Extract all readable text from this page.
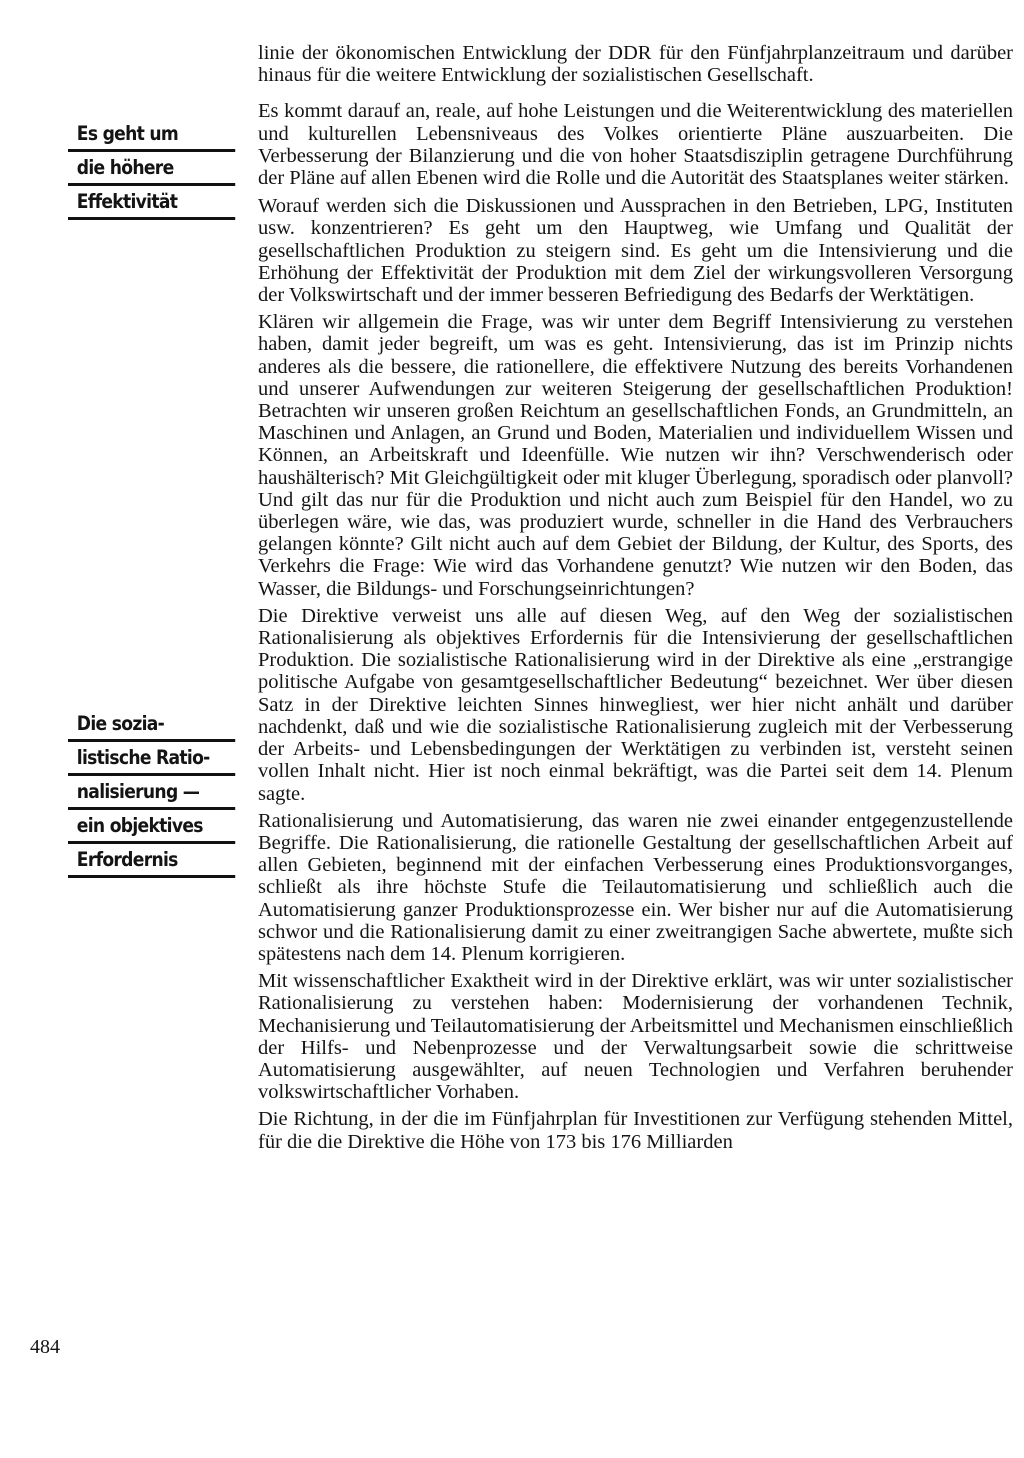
Es geht um
die höhere
Effektivität
Die sozia-
listische Ratio-
nalisierung —
ein objektives
Erfordernis

linie der ökonomischen Entwicklung der DDR für den Fünfjahrplanzeitraum und darüber hinaus für die weitere Entwicklung der sozialistischen Gesellschaft.

Es kommt darauf an, reale, auf hohe Leistungen und die Weiterentwicklung des materiellen und kulturellen Lebensniveaus des Volkes orientierte Pläne auszuarbeiten. Die Verbesserung der Bilanzierung und die von hoher Staatsdisziplin getragene Durchführung der Pläne auf allen Ebenen wird die Rolle und die Autorität des Staatsplanes weiter stärken.

Worauf werden sich die Diskussionen und Aussprachen in den Betrieben, LPG, Instituten usw. konzentrieren? Es geht um den Hauptweg, wie Umfang und Qualität der gesellschaftlichen Produktion zu steigern sind. Es geht um die Intensivierung und die Erhöhung der Effektivität der Produktion mit dem Ziel der wirkungsvolleren Versorgung der Volkswirtschaft und der immer besseren Befriedigung des Bedarfs der Werktätigen.

Klären wir allgemein die Frage, was wir unter dem Begriff Intensivierung zu verstehen haben, damit jeder begreift, um was es geht. Intensivierung, das ist im Prinzip nichts anderes als die bessere, die rationellere, die effektivere Nutzung des bereits Vorhandenen und unserer Aufwendungen zur weiteren Steigerung der gesellschaftlichen Produktion! Betrachten wir unseren großen Reichtum an gesellschaftlichen Fonds, an Grundmitteln, an Maschinen und Anlagen, an Grund und Boden, Materialien und individuellem Wissen und Können, an Arbeitskraft und Ideenfülle. Wie nutzen wir ihn? Verschwenderisch oder haushälterisch? Mit Gleichgültigkeit oder mit kluger Überlegung, sporadisch oder planvoll? Und gilt das nur für die Produktion und nicht auch zum Beispiel für den Handel, wo zu überlegen wäre, wie das, was produziert wurde, schneller in die Hand des Verbrauchers gelangen könnte? Gilt nicht auch auf dem Gebiet der Bildung, der Kultur, des Sports, des Verkehrs die Frage: Wie wird das Vorhandene genutzt? Wie nutzen wir den Boden, das Wasser, die Bildungs- und Forschungseinrichtungen?

Die Direktive verweist uns alle auf diesen Weg, auf den Weg der sozialistischen Rationalisierung als objektives Erfordernis für die Intensivierung der gesellschaftlichen Produktion. Die sozialistische Rationalisierung wird in der Direktive als eine „erstrangige politische Aufgabe von gesamtgesellschaftlicher Bedeutung“ bezeichnet. Wer über diesen Satz in der Direktive leichten Sinnes hinwegliest, wer hier nicht anhält und darüber nachdenkt, daß und wie die sozialistische Rationalisierung zugleich mit der Verbesserung der Arbeits- und Lebensbedingungen der Werktätigen zu verbinden ist, versteht seinen vollen Inhalt nicht. Hier ist noch einmal bekräftigt, was die Partei seit dem 14. Plenum sagte.

Rationalisierung und Automatisierung, das waren nie zwei einander entgegenzustellende Begriffe. Die Rationalisierung, die rationelle Gestaltung der gesellschaftlichen Arbeit auf allen Gebieten, beginnend mit der einfachen Verbesserung eines Produktionsvorganges, schließt als ihre höchste Stufe die Teilautomatisierung und schließlich auch die Automatisierung ganzer Produktionsprozesse ein. Wer bisher nur auf die Automatisierung schwor und die Rationalisierung damit zu einer zweitrangigen Sache abwertete, mußte sich spätestens nach dem 14. Plenum korrigieren.

Mit wissenschaftlicher Exaktheit wird in der Direktive erklärt, was wir unter sozialistischer Rationalisierung zu verstehen haben: Modernisierung der vorhandenen Technik, Mechanisierung und Teilautomatisierung der Arbeitsmittel und Mechanismen einschließlich der Hilfs- und Nebenprozesse und der Verwaltungsarbeit sowie die schrittweise Automatisierung ausgewählter, auf neuen Technologien und Verfahren beruhender volkswirtschaftlicher Vorhaben.

Die Richtung, in der die im Fünfjahrplan für Investitionen zur Verfügung stehenden Mittel, für die die Direktive die Höhe von 173 bis 176 Milliarden

484
